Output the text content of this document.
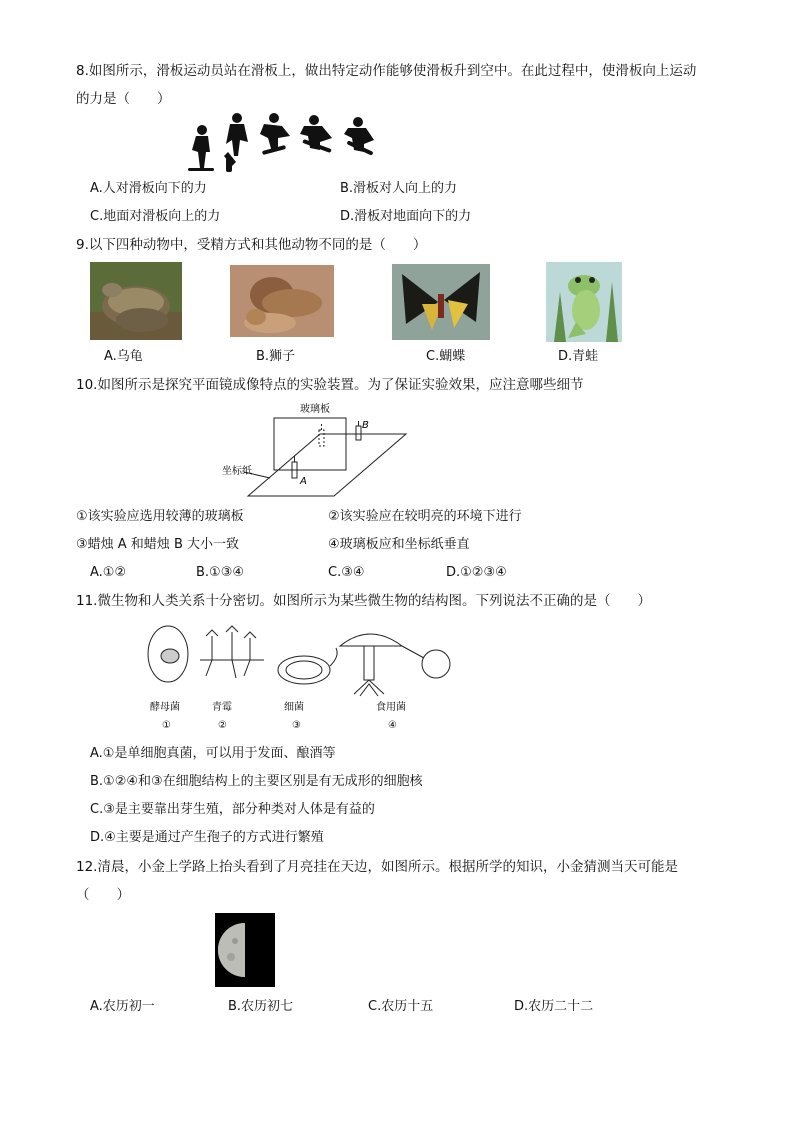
8.如图所示，滑板运动员站在滑板上，做出特定动作能够使滑板升到空中。在此过程中，使滑板向上运动
的力是（　　）
A.人对滑板向下的力	B.滑板对人向上的力
C.地面对滑板向上的力	D.滑板对地面向下的力
9.以下四种动物中，受精方式和其他动物不同的是（　　）
A.乌龟	B.狮子	C.蝴蝶	D.青蛙
10.如图所示是探究平面镜成像特点的实验装置。为了保证实验效果，应注意哪些细节
玻璃板
坐标纸
A
B
①该实验应选用较薄的玻璃板	②该实验应在较明亮的环境下进行
③蜡烛 A 和蜡烛 B 大小一致	④玻璃板应和坐标纸垂直
A.①②	B.①③④	C.③④	D.①②③④
11.微生物和人类关系十分密切。如图所示为某些微生物的结构图。下列说法不正确的是（　　）
酵母菌
①
青霉
②
细菌
③
食用菌
④
A.①是单细胞真菌，可以用于发面、酿酒等
B.①②④和③在细胞结构上的主要区别是有无成形的细胞核
C.③是主要靠出芽生殖，部分种类对人体是有益的
D.④主要是通过产生孢子的方式进行繁殖
12.清晨，小金上学路上抬头看到了月亮挂在天边，如图所示。根据所学的知识，小金猜测当天可能是
（　　）
A.农历初一	B.农历初七	C.农历十五	D.农历二十二
